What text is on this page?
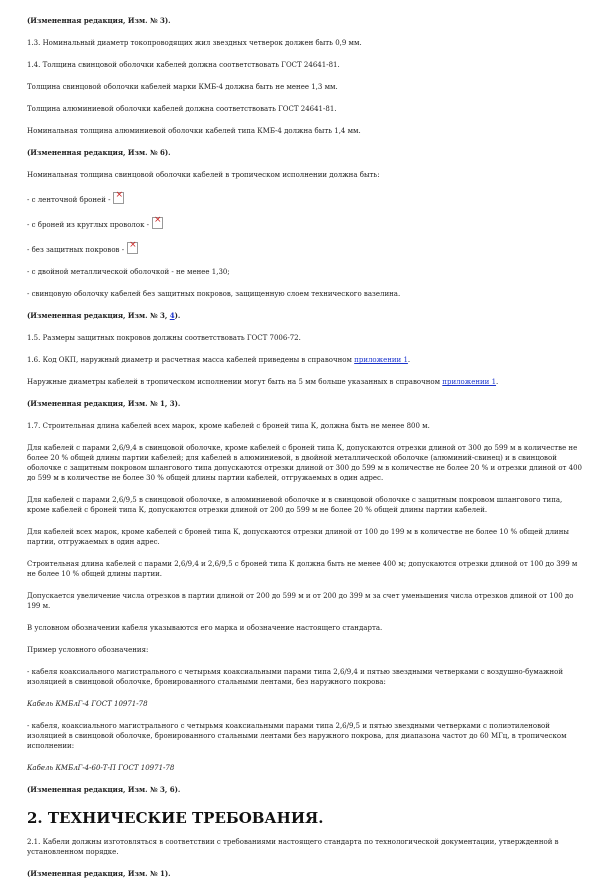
(Измененная редакция, Изм. № 3).

1.3. Номинальный диаметр токопроводящих жил звездных четверок должен быть 0,9 мм.

1.4. Толщина свинцовой оболочки кабелей должна соответствовать ГОСТ 24641-81.

Толщина свинцовой оболочки кабелей марки КМБ-4 должна быть не менее 1,3 мм.

Толщина алюминиевой оболочки кабелей должна соответствовать ГОСТ 24641-81.

Номинальная толщина алюминиевой оболочки кабелей типа КМБ-4 должна быть 1,4 мм.

(Измененная редакция, Изм. № 6).

Номинальная толщина свинцовой оболочки кабелей в тропическом исполнении должна быть:

- с ленточной броней -×

- с броней из круглых проволок -×

- без защитных покровов -×

- с двойной металлической оболочкой - не менее 1,30;

- свинцовую оболочку кабелей без защитных покровов, защищенную слоем технического вазелина.

(Измененная редакция, Изм. № 3, 4).

1.5. Размеры защитных покровов должны соответствовать ГОСТ 7006-72.

1.6. Код ОКП, наружный диаметр и расчетная масса кабелей приведены в справочном приложении 1.

Наружные диаметры кабелей в тропическом исполнении могут быть на 5 мм больше указанных в справочном приложении 1.

(Измененная редакция, Изм. № 1, 3).

1.7. Строительная длина кабелей всех марок, кроме кабелей с броней типа К, должна быть не менее 800 м.

Для кабелей с парами 2,6/9,4 в свинцовой оболочке, кроме кабелей с броней типа К, допускаются отрезки длиной от 300 до 599 м в количестве не более 20 % общей длины партии кабелей; для кабелей в алюминиевой, в двойной металлической оболочке (алюминий-свинец) и в свинцовой оболочке с защитным покровом шлангового типа допускаются отрезки длиной от 300 до 599 м в количестве не более 20 % и отрезки длиной от 400 до 599 м в количестве не более 30 % общей длины партии кабелей, отгружаемых в один адрес.

Для кабелей с парами 2,6/9,5 в свинцовой оболочке, в алюминиевой оболочке и в свинцовой оболочке с защитным покровом шлангового типа, кроме кабелей с броней типа К, допускаются отрезки длиной от 200 до 599 м не более 20 % общей длины партии кабелей.

Для кабелей всех марок, кроме кабелей с броней типа К, допускаются отрезки длиной от 100 до 199 м в количестве не более 10 % общей длины партии, отгружаемых в один адрес.

Строительная длина кабелей с парами 2,6/9,4 и 2,6/9,5 с броней типа К должна быть не менее 400 м; допускаются отрезки длиной от 100 до 399 м не более 10 % общей длины партии.

Допускается увеличение числа отрезков в партии длиной от 200 до 599 м и от 200 до 399 м за счет уменьшения числа отрезков длиной от 100 до 199 м.

В условном обозначении кабеля указываются его марка и обозначение настоящего стандарта.

Пример условного обозначения:

- кабеля коаксиального магистрального с четырьмя коаксиальными парами типа 2,6/9,4 и пятью звездными четверками с воздушно-бумажной изоляцией в свинцовой оболочке, бронированного стальными лентами, без наружного покрова:

Кабель КМБлГ-4 ГОСТ 10971-78

- кабеля, коаксиального магистрального с четырьмя коаксиальными парами типа 2,6/9,5 и пятью звездными четверками с полиэтиленовой изоляцией в свинцовой оболочке, бронированного стальными лентами без наружного покрова, для диапазона частот до 60 МГц, в тропическом исполнении:

Кабель КМБлГ-4-60-Т-П ГОСТ 10971-78

(Измененная редакция, Изм. № 3, 6).

2. ТЕХНИЧЕСКИЕ ТРЕБОВАНИЯ.

2.1. Кабели должны изготовляться в соответствии с требованиями настоящего стандарта по технологической документации, утвержденной в установленном порядке.

(Измененная редакция, Изм. № 1).
